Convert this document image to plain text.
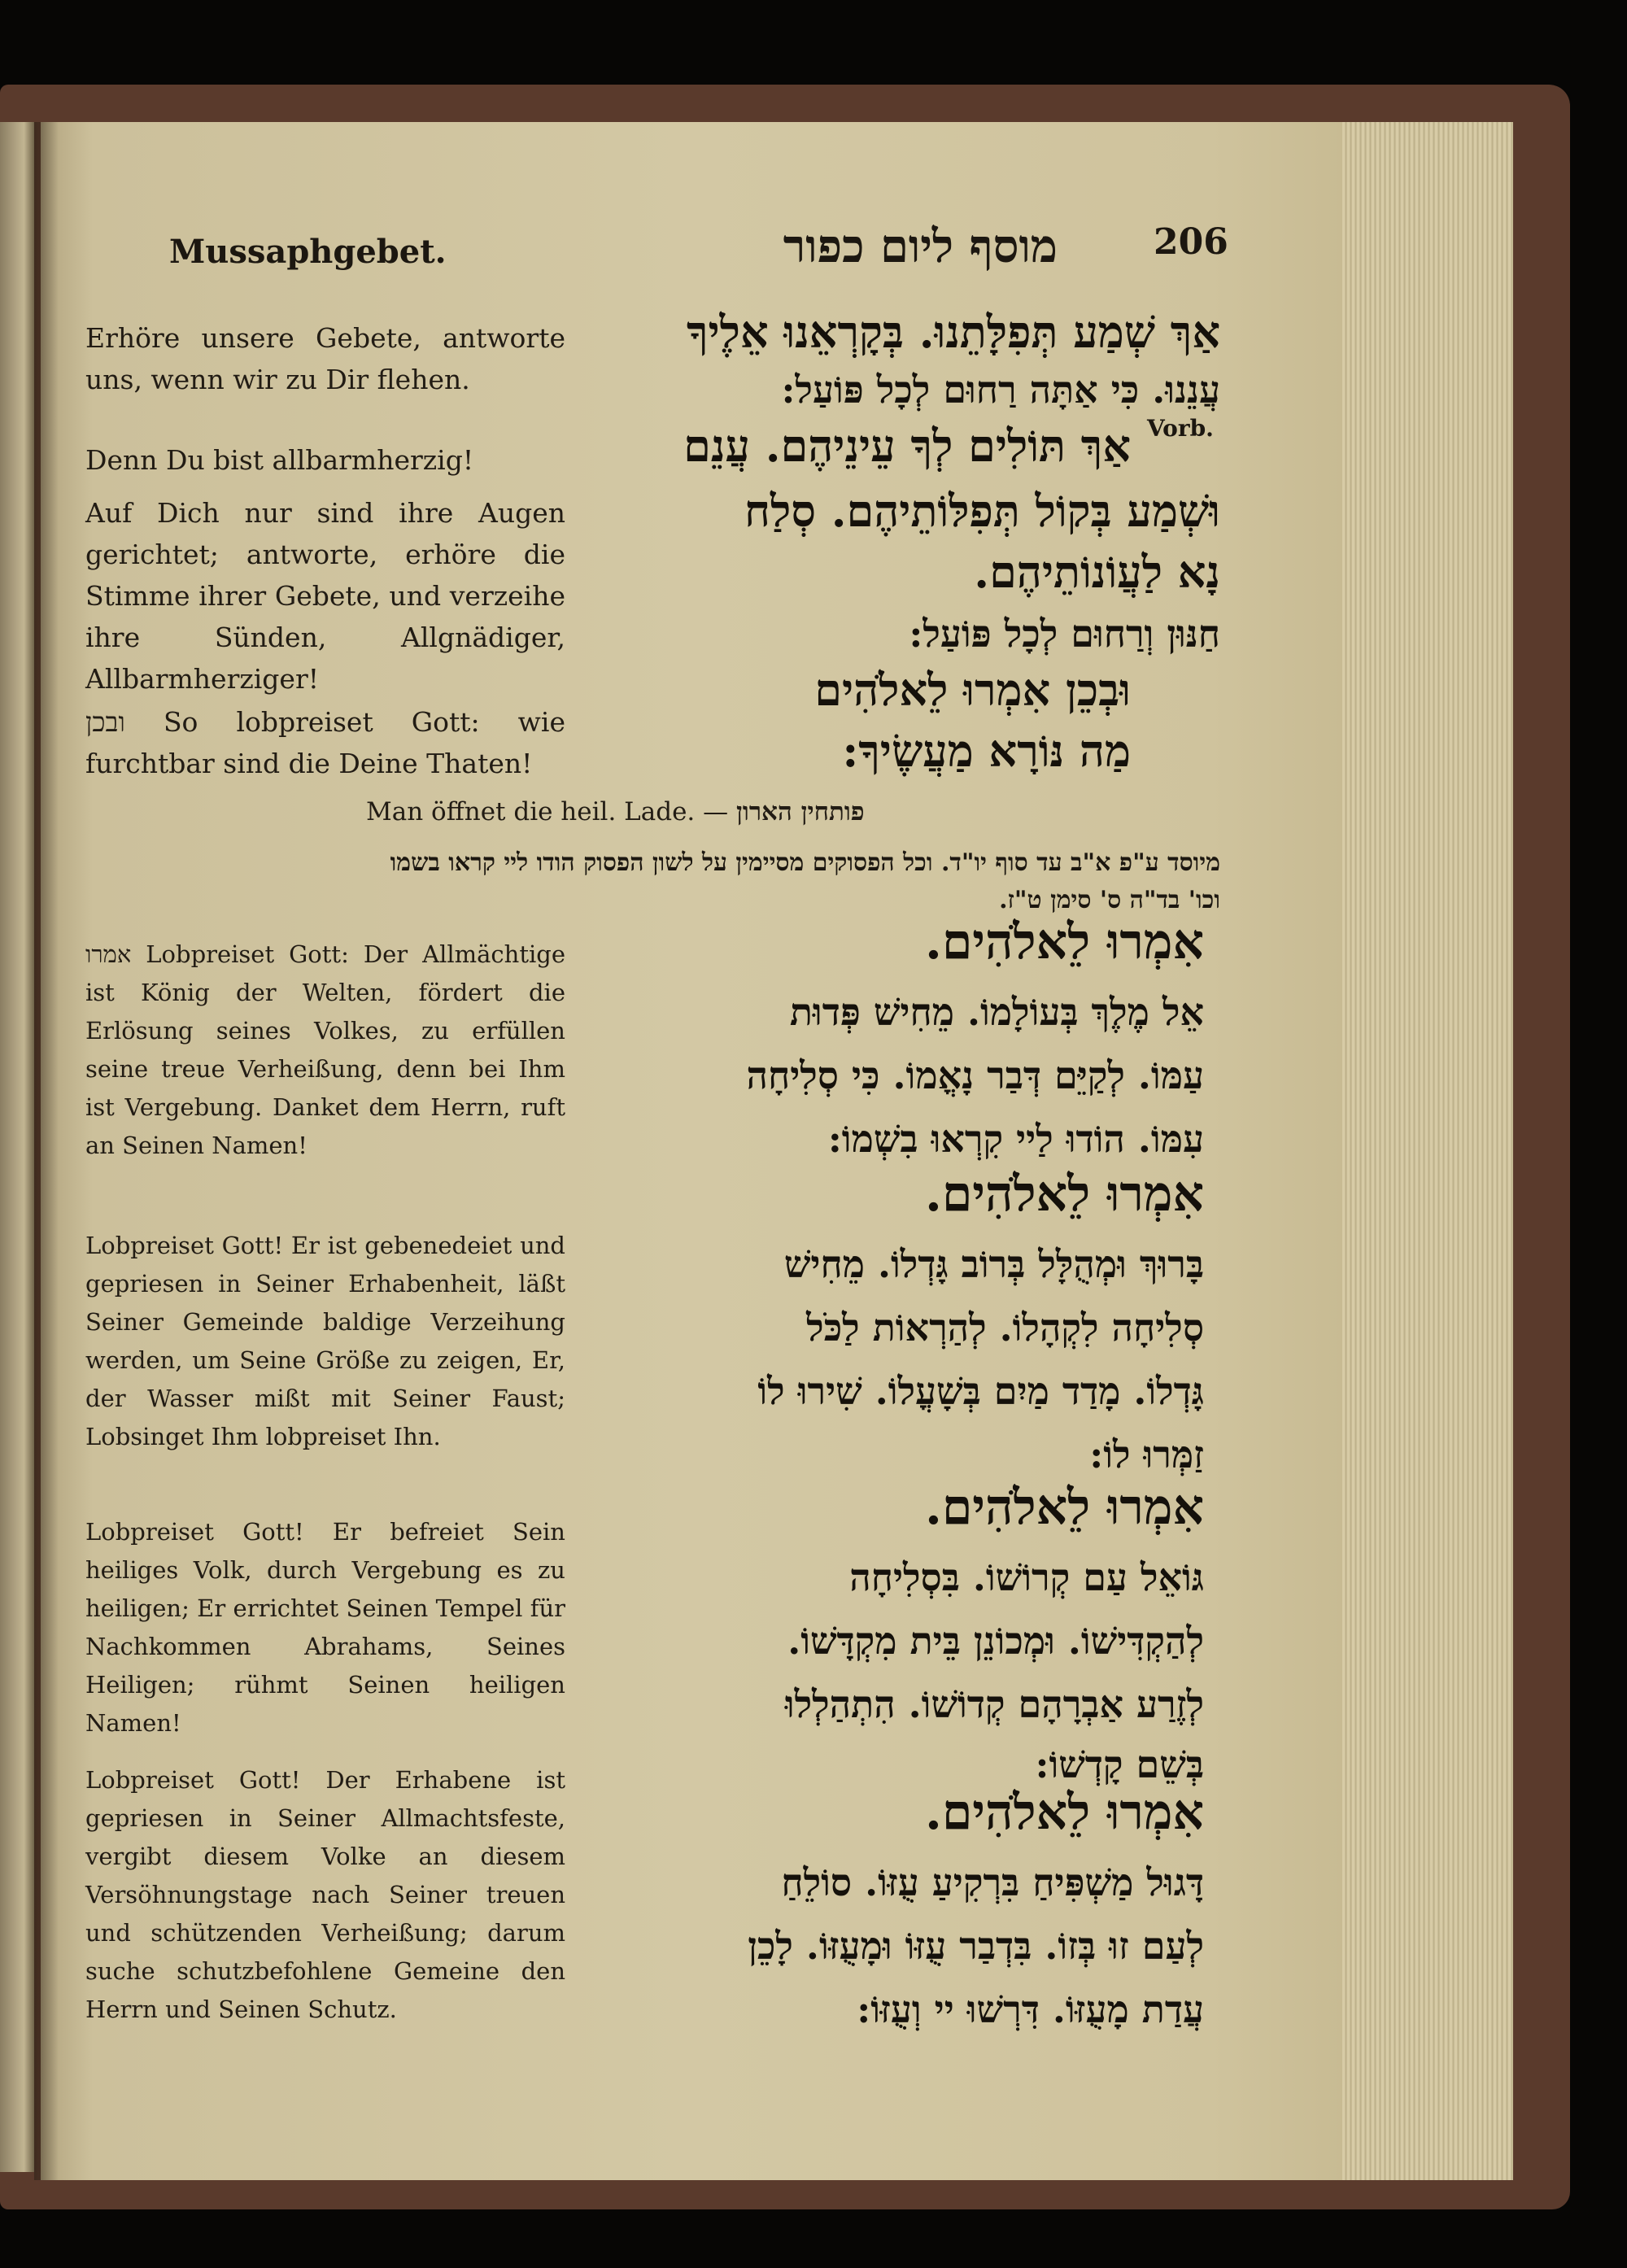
Mussaphgebet.	מוסף ליום כפור	206

אַךְ שְׁמַע תְּפִלָּתֵנוּ. בְּקָרְאֵנוּ אֵלֶיךָ

עֲנֵנוּ. כִּי אַתָּה רַחוּם לְכָל פּוֹעַל:

Vorb.

אַךְ תּוֹלִים לְךָ עֵינֵיהֶם. עֲנֵם

וּשְׁמַע בְּקוֹל תְּפִלּוֹתֵיהֶם. סְלַח

נָא לַעֲוֹנוֹתֵיהֶם.

חַנּוּן וְרַחוּם לְכָל פּוֹעַל:

וּבְכֵן אִמְרוּ לֵאלֹהִים

מַה נּוֹרָא מַעֲשֶׂיךָ:

Erhöre unsere Gebete, antworte uns, wenn wir zu Dir flehen.

Denn Du bist allbarmherzig!

Auf Dich nur sind ihre Augen gerichtet; antworte, erhöre die Stimme ihrer Gebete, und verzeihe ihre Sünden, Allgnädiger, Allbarmherziger!

ובכן So lobpreiset Gott: wie furchtbar sind die Deine Thaten!

Man öffnet die heil. Lade. — פותחין הארון

מיוסד ע"פ א"ב עד סוף יו"ד. וכל הפסוקים מסיימין על לשון הפסוק הודו ליי קראו בשמו
וכו' בד"ה ס' סימן ט"ז.

אִמְרוּ לֵאלֹהִים.

אֵל מֶלֶךְ בְּעוֹלָמוֹ. מֵחִישׁ פְּדוּת

עַמּוֹ. לְקַיֵּם דְּבַר נָאֳמוֹ. כִּי סְלִיחָה

עִמּוֹ. הוֹדוּ לַיי קִרְאוּ בִשְׁמוֹ:

אִמְרוּ לֵאלֹהִים.

בָּרוּךְ וּמְהֻלָּל בְּרוֹב גָּדְלוֹ. מֵחִישׁ

סְלִיחָה לִקְהָלוֹ. לְהַרְאוֹת לַכֹּל

גָּדְלוֹ. מָדַד מַיִם בְּשָׁעֳלוֹ. שִׁירוּ לוֹ

זַמְּרוּ לוֹ:

אִמְרוּ לֵאלֹהִים.

גּוֹאֵל עַם קְרוֹשׁוֹ. בִּסְלִיחָה

לְהַקְדִּישׁוֹ. וּמְכוֹנֵן בֵּית מִקְדָּשׁוֹ.

לְזֶרַע אַבְרָהָם קְדוֹשׁוֹ. הִתְהַלְלוּ

בְּשֵׁם קָדְשׁוֹ:

אִמְרוּ לֵאלֹהִים.

דָּגוּל מַשְׁפִּיחַ בִּרְקִיעַ עֻזּוֹ. סוֹלֵחַ

לְעַם זוּ בְּזוֹ. בִּדְבַר עֻזּוֹ וּמָעֻזּוֹ. לָכֵן

עֲדַת מָעֻזּוֹ. דִּרְשׁוּ יי וְעֻזּוֹ:

אמרו Lobpreiset Gott: Der Allmächtige ist König der Welten, fördert die Erlösung seines Volkes, zu erfüllen seine treue Verheißung, denn bei Ihm ist Vergebung. Danket dem Herrn, ruft an Seinen Namen!

Lobpreiset Gott! Er ist gebenedeiet und gepriesen in Seiner Erhabenheit, läßt Seiner Gemeinde baldige Verzeihung werden, um Seine Größe zu zeigen, Er, der Wasser mißt mit Seiner Faust; Lobsinget Ihm lobpreiset Ihn.

Lobpreiset Gott! Er befreiet Sein heiliges Volk, durch Vergebung es zu heiligen; Er errichtet Seinen Tempel für Nachkommen Abrahams, Seines Heiligen; rühmt Seinen heiligen Namen!

Lobpreiset Gott! Der Erhabene ist gepriesen in Seiner Allmachtsfeste, vergibt diesem Volke an diesem Versöhnungstage nach Seiner treuen und schützenden Verheißung; darum suche schutzbefohlene Gemeine den Herrn und Seinen Schutz.
